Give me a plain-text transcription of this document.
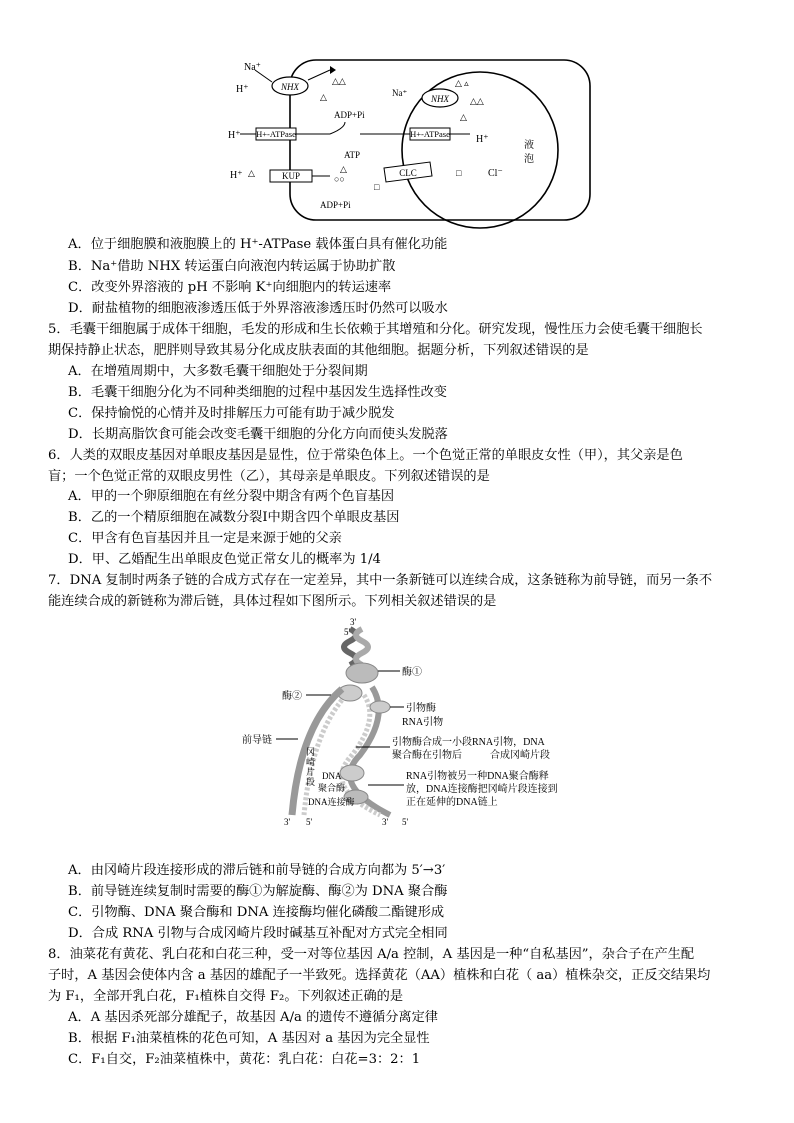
NHX
Na⁺
H⁺
△
△△
NHX
Na⁺
△ ▵
△△
H+-ATPase
H⁺
ADP+Pi
H+-ATPase	H⁺
△
ATP
KUP
H⁺ △
○○
△
ADP+Pi
CLC	□	Cl⁻
□
液
泡
A．位于细胞膜和液胞膜上的 H⁺-ATPase 载体蛋白具有催化功能
B．Na⁺借助 NHX 转运蛋白向液泡内转运属于协助扩散
C．改变外界溶液的 pH 不影响 K⁺向细胞内的转运速率
D．耐盐植物的细胞液渗透压低于外界溶液渗透压时仍然可以吸水
5．毛囊干细胞属于成体干细胞，毛发的形成和生长依赖于其增殖和分化。研究发现，慢性压力会使毛囊干细胞长
期保持静止状态，肥胖则导致其易分化成皮肤表面的其他细胞。据题分析，下列叙述错误的是
A．在增殖周期中，大多数毛囊干细胞处于分裂间期
B．毛囊干细胞分化为不同种类细胞的过程中基因发生选择性改变
C．保持愉悦的心情并及时排解压力可能有助于减少脱发
D．长期高脂饮食可能会改变毛囊干细胞的分化方向而使头发脱落
6．人类的双眼皮基因对单眼皮基因是显性，位于常染色体上。一个色觉正常的单眼皮女性（甲），其父亲是色
盲；一个色觉正常的双眼皮男性（乙），其母亲是单眼皮。下列叙述错误的是
A．甲的一个卵原细胞在有丝分裂中期含有两个色盲基因
B．乙的一个精原细胞在减数分裂Ⅰ中期含四个单眼皮基因
C．甲含有色盲基因并且一定是来源于她的父亲
D．甲、乙婚配生出单眼皮色觉正常女儿的概率为 1/4
7．DNA 复制时两条子链的合成方式存在一定差异，其中一条新链可以连续合成，这条链称为前导链，而另一条不
能连续合成的新链称为滞后链，具体过程如下图所示。下列相关叙述错误的是
3'
5'
酶①
酶②
前导链
引物酶
RNA引物
冈
崎
片
段
引物酶合成一小段RNA引物，DNA
聚合酶在引物后	合成冈崎片段
DNA
聚合酶
DNA连接酶
RNA引物被另一种DNA聚合酶释
放，DNA连接酶把冈崎片段连接到
正在延伸的DNA链上
3' 5'	3' 5'
A．由冈崎片段连接形成的滞后链和前导链的合成方向都为 5′→3′
B．前导链连续复制时需要的酶①为解旋酶、酶②为 DNA 聚合酶
C．引物酶、DNA 聚合酶和 DNA 连接酶均催化磷酸二酯键形成
D．合成 RNA 引物与合成冈崎片段时碱基互补配对方式完全相同
8．油菜花有黄花、乳白花和白花三种，受一对等位基因 A/a 控制，A 基因是一种“自私基因”，杂合子在产生配
子时，A 基因会使体内含 a 基因的雄配子一半致死。选择黄花（AA）植株和白花（ aa）植株杂交，正反交结果均
为 F₁，全部开乳白花，F₁植株自交得 F₂。下列叙述正确的是
A．A 基因杀死部分雄配子，故基因 A/a 的遗传不遵循分离定律
B．根据 F₁油菜植株的花色可知，A 基因对 a 基因为完全显性
C．F₁自交，F₂油菜植株中，黄花：乳白花：白花=3：2：1
